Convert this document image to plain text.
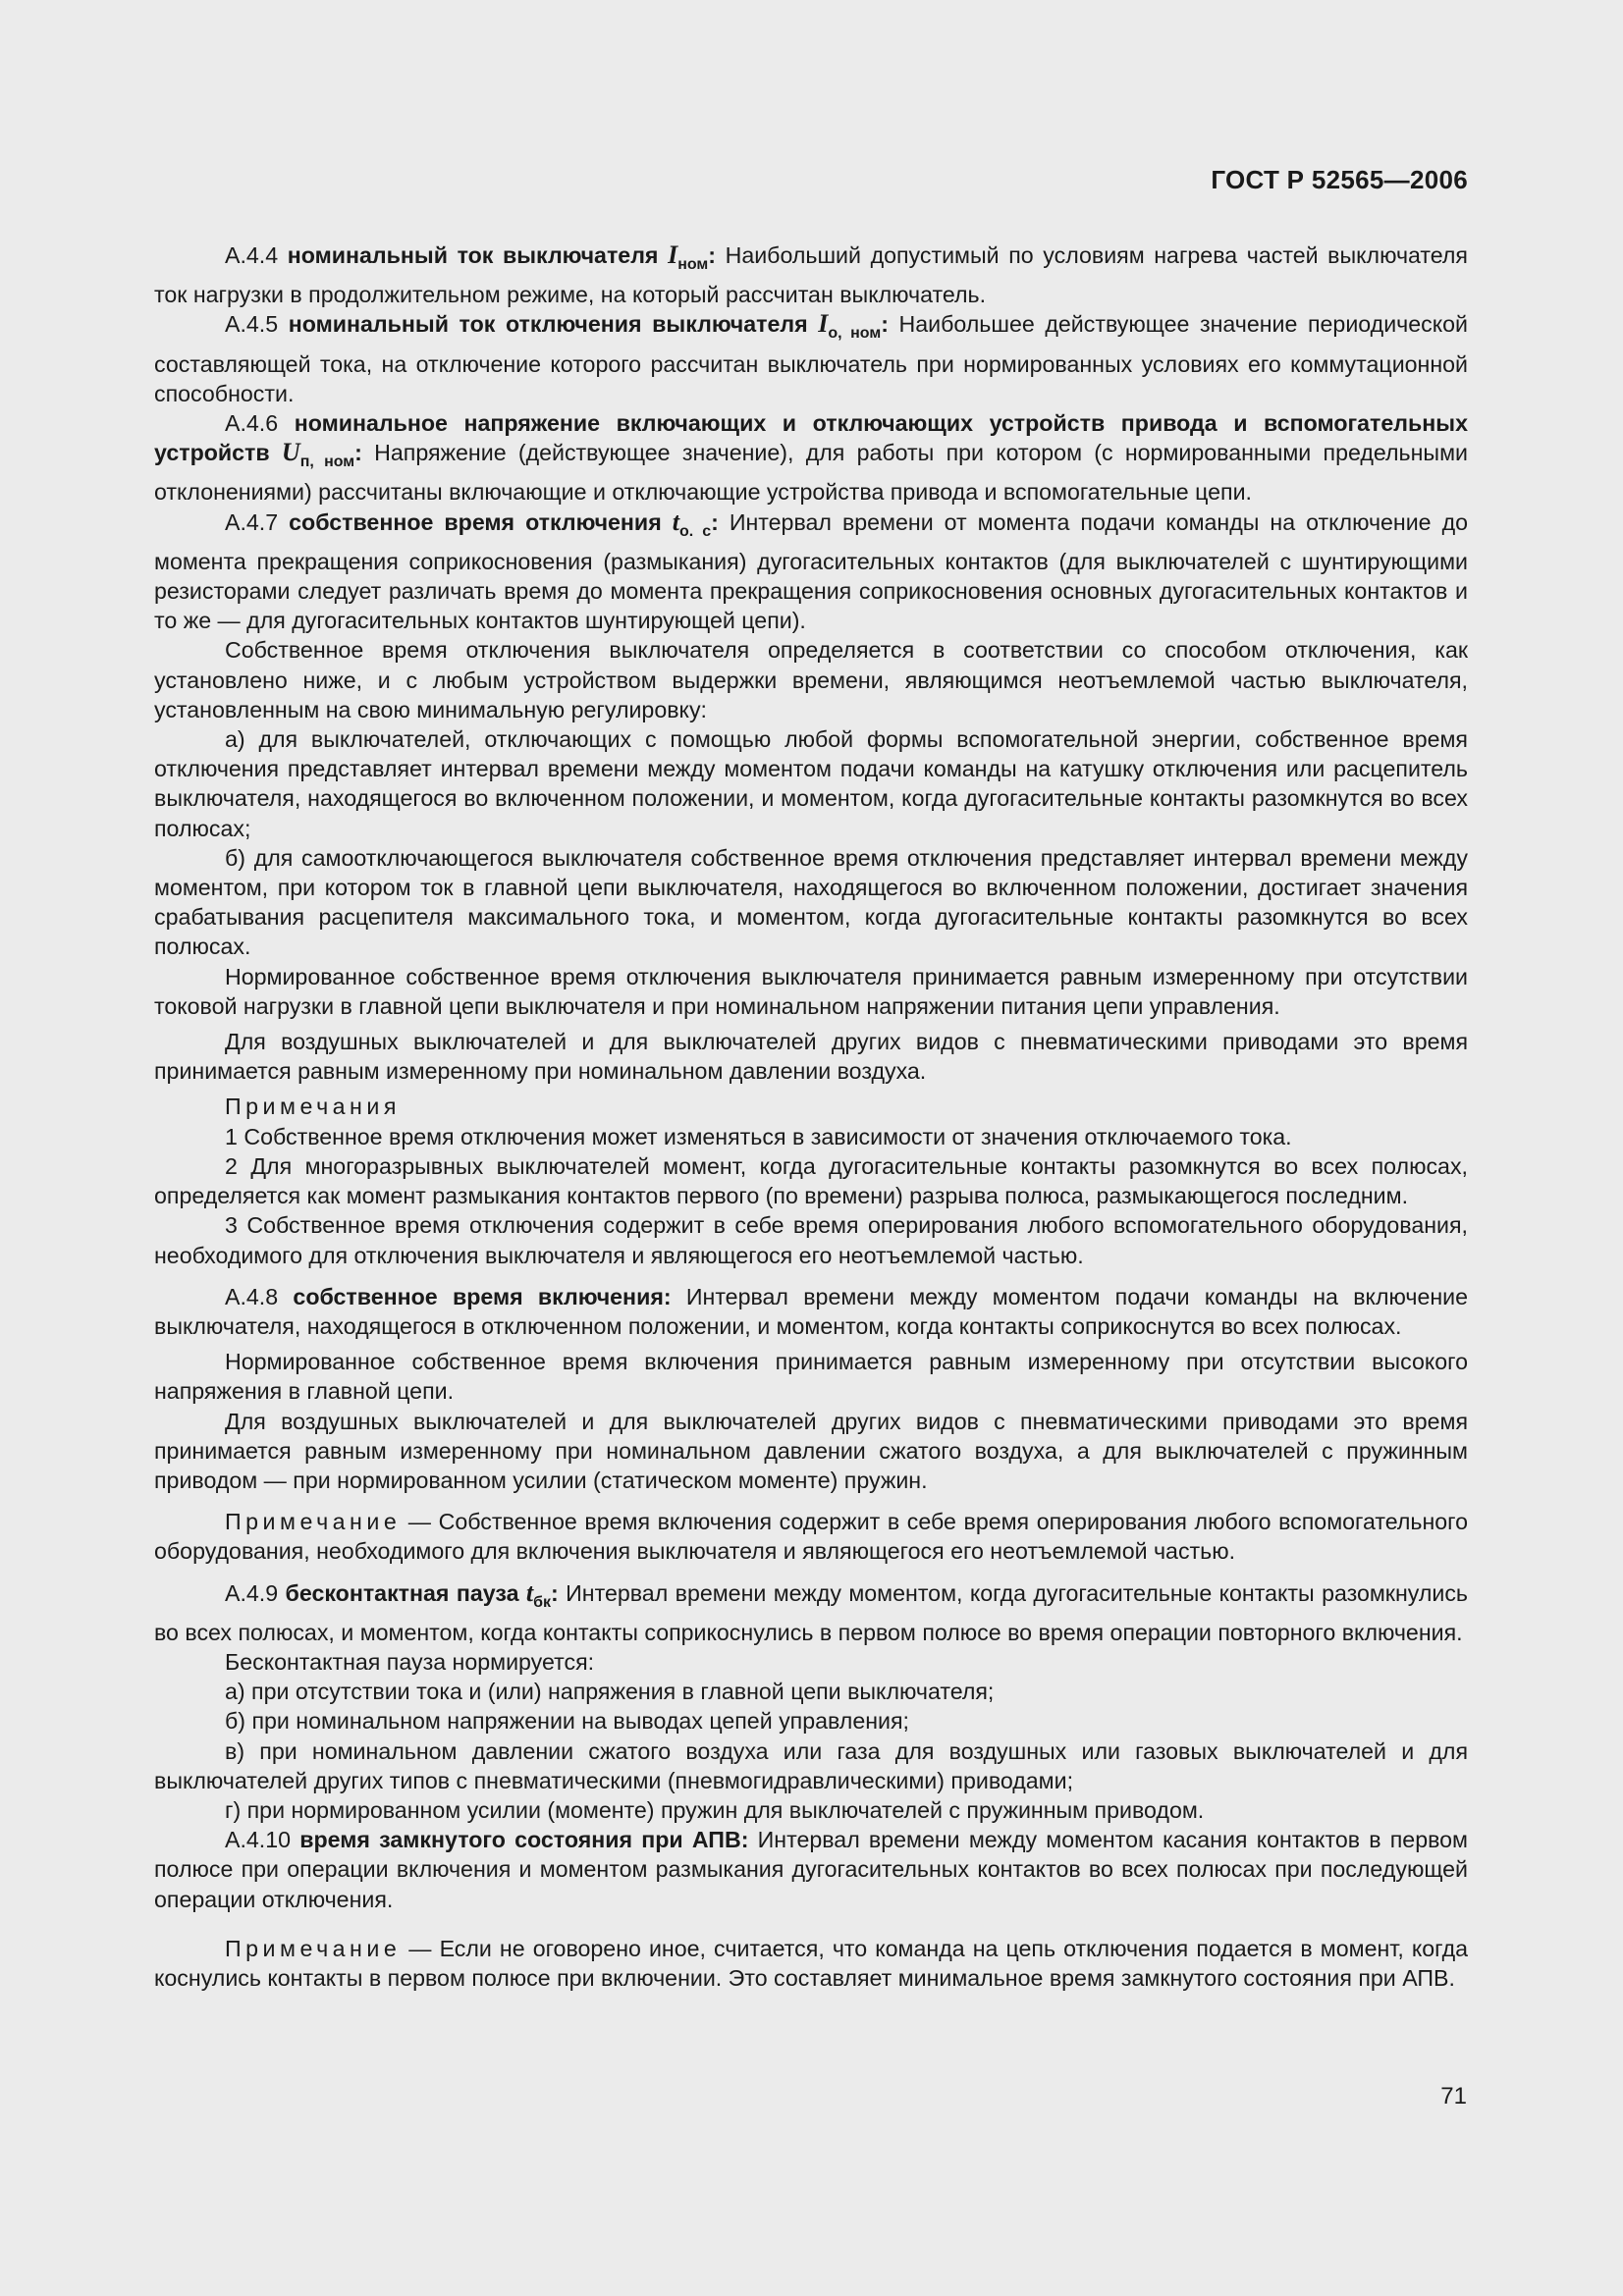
ГОСТ Р 52565—2006

А.4.4 номинальный ток выключателя $I_{ном}$: Наибольший допустимый по условиям нагрева частей выключателя ток нагрузки в продолжительном режиме, на который рассчитан выключатель.

А.4.5 номинальный ток отключения выключателя $I_{о, ном}$: Наибольшее действующее значение периодической составляющей тока, на отключение которого рассчитан выключатель при нормированных условиях его коммутационной способности.

А.4.6 номинальное напряжение включающих и отключающих устройств привода и вспомогательных устройств $U_{п, ном}$: Напряжение (действующее значение), для работы при котором (с нормированными предельными отклонениями) рассчитаны включающие и отключающие устройства привода и вспомогательные цепи.

А.4.7 собственное время отключения $t_{о. с}$: Интервал времени от момента подачи команды на отключение до момента прекращения соприкосновения (размыкания) дугогасительных контактов (для выключателей с шунтирующими резисторами следует различать время до момента прекращения соприкосновения основных дугогасительных контактов и то же — для дугогасительных контактов шунтирующей цепи).

Собственное время отключения выключателя определяется в соответствии со способом отключения, как установлено ниже, и с любым устройством выдержки времени, являющимся неотъемлемой частью выключателя, установленным на свою минимальную регулировку:

а) для выключателей, отключающих с помощью любой формы вспомогательной энергии, собственное время отключения представляет интервал времени между моментом подачи команды на катушку отключения или расцепитель выключателя, находящегося во включенном положении, и моментом, когда дугогасительные контакты разомкнутся во всех полюсах;

б) для самоотключающегося выключателя собственное время отключения представляет интервал времени между моментом, при котором ток в главной цепи выключателя, находящегося во включенном положении, достигает значения срабатывания расцепителя максимального тока, и моментом, когда дугогасительные контакты разомкнутся во всех полюсах.

Нормированное собственное время отключения выключателя принимается равным измеренному при отсутствии токовой нагрузки в главной цепи выключателя и при номинальном напряжении питания цепи управления.

Для воздушных выключателей и для выключателей других видов с пневматическими приводами это время принимается равным измеренному при номинальном давлении воздуха.

Примечания

1 Собственное время отключения может изменяться в зависимости от значения отключаемого тока.

2 Для многоразрывных выключателей момент, когда дугогасительные контакты разомкнутся во всех полюсах, определяется как момент размыкания контактов первого (по времени) разрыва полюса, размыкающегося последним.

3 Собственное время отключения содержит в себе время оперирования любого вспомогательного оборудования, необходимого для отключения выключателя и являющегося его неотъемлемой частью.

А.4.8 собственное время включения: Интервал времени между моментом подачи команды на включение выключателя, находящегося в отключенном положении, и моментом, когда контакты соприкоснутся во всех полюсах.

Нормированное собственное время включения принимается равным измеренному при отсутствии высокого напряжения в главной цепи.

Для воздушных выключателей и для выключателей других видов с пневматическими приводами это время принимается равным измеренному при номинальном давлении сжатого воздуха, а для выключателей с пружинным приводом — при нормированном усилии (статическом моменте) пружин.

Примечание — Собственное время включения содержит в себе время оперирования любого вспомогательного оборудования, необходимого для включения выключателя и являющегося его неотъемлемой частью.

А.4.9 бесконтактная пауза $t_{бк}$: Интервал времени между моментом, когда дугогасительные контакты разомкнулись во всех полюсах, и моментом, когда контакты соприкоснулись в первом полюсе во время операции повторного включения.

Бесконтактная пауза нормируется:

а) при отсутствии тока и (или) напряжения в главной цепи выключателя;

б) при номинальном напряжении на выводах цепей управления;

в) при номинальном давлении сжатого воздуха или газа для воздушных или газовых выключателей и для выключателей других типов с пневматическими (пневмогидравлическими) приводами;

г) при нормированном усилии (моменте) пружин для выключателей с пружинным приводом.

А.4.10 время замкнутого состояния при АПВ: Интервал времени между моментом касания контактов в первом полюсе при операции включения и моментом размыкания дугогасительных контактов во всех полюсах при последующей операции отключения.

Примечание — Если не оговорено иное, считается, что команда на цепь отключения подается в момент, когда коснулись контакты в первом полюсе при включении. Это составляет минимальное время замкнутого состояния при АПВ.

71
